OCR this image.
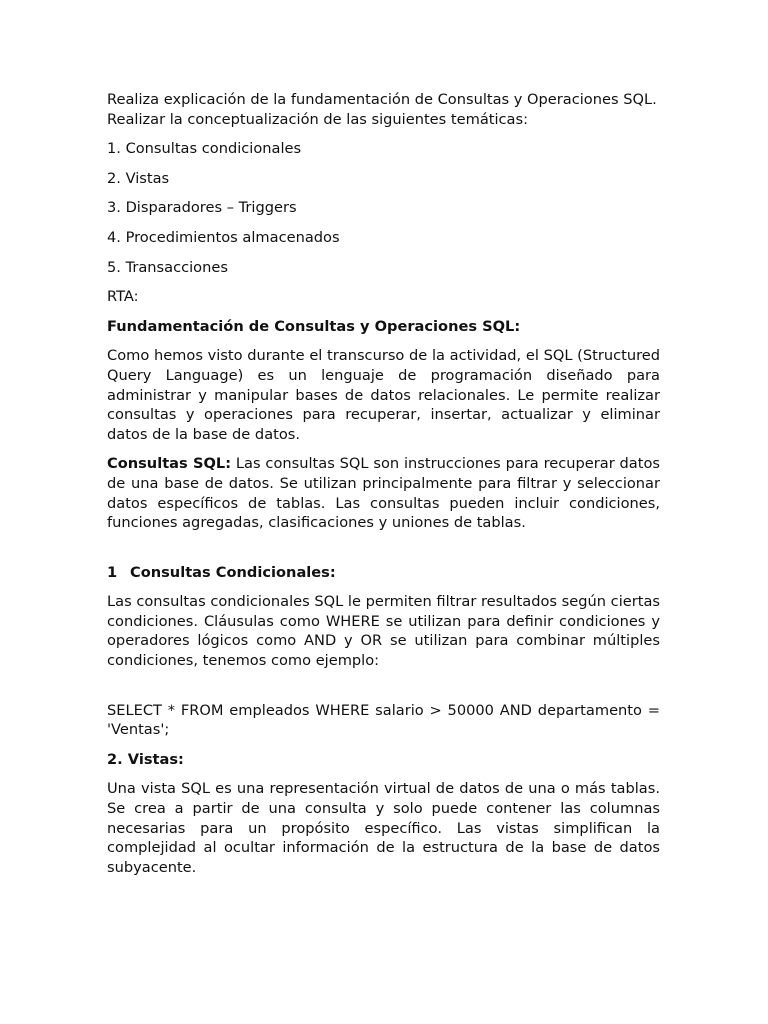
Realiza explicación de la fundamentación de Consultas y Operaciones SQL. Realizar la conceptualización de las siguientes temáticas:

1. Consultas condicionales

2. Vistas

3. Disparadores – Triggers

4. Procedimientos almacenados

5. Transacciones

RTA:

Fundamentación de Consultas y Operaciones SQL:

Como hemos visto durante el transcurso de la actividad, el SQL (Structured Query Language) es un lenguaje de programación diseñado para administrar y manipular bases de datos relacionales. Le permite realizar consultas y operaciones para recuperar, insertar, actualizar y eliminar datos de la base de datos.

Consultas SQL: Las consultas SQL son instrucciones para recuperar datos de una base de datos. Se utilizan principalmente para filtrar y seleccionar datos específicos de tablas. Las consultas pueden incluir condiciones, funciones agregadas, clasificaciones y uniones de tablas.

1 Consultas Condicionales:

Las consultas condicionales SQL le permiten filtrar resultados según ciertas condiciones. Cláusulas como WHERE se utilizan para definir condiciones y operadores lógicos como AND y OR se utilizan para combinar múltiples condiciones, tenemos como ejemplo:

SELECT * FROM empleados WHERE salario > 50000 AND departamento = 'Ventas';

2. Vistas:

Una vista SQL es una representación virtual de datos de una o más tablas. Se crea a partir de una consulta y solo puede contener las columnas necesarias para un propósito específico. Las vistas simplifican la complejidad al ocultar información de la estructura de la base de datos subyacente.
